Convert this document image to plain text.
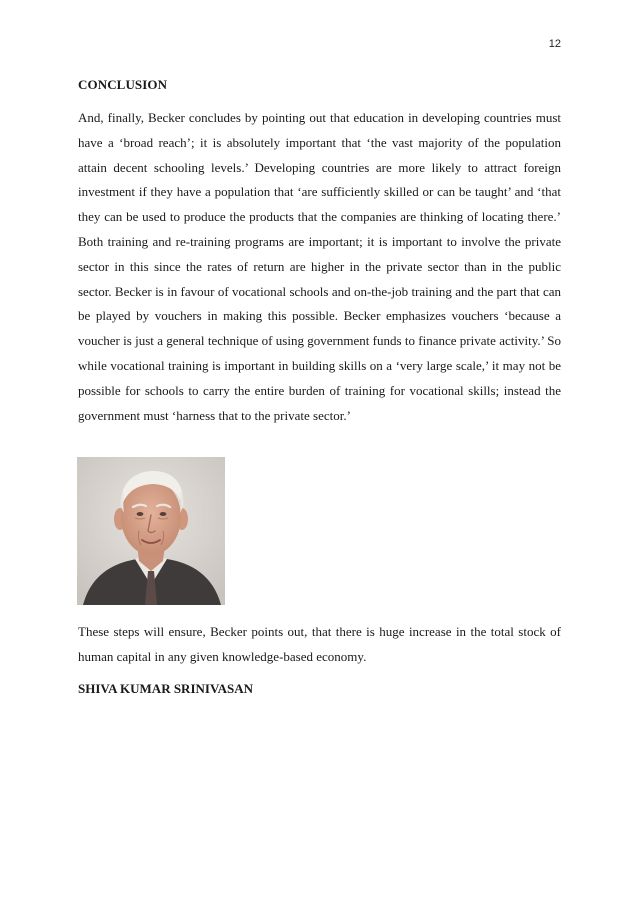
12
CONCLUSION

And, finally, Becker concludes by pointing out that education in developing countries must have a ‘broad reach’; it is absolutely important that ‘the vast majority of the population attain decent schooling levels.’ Developing countries are more likely to attract foreign investment if they have a population that ‘are sufficiently skilled or can be taught’ and ‘that they can be used to produce the products that the companies are thinking of locating there.’ Both training and re-training programs are important; it is important to involve the private sector in this since the rates of return are higher in the private sector than in the public sector. Becker is in favour of vocational schools and on-the-job training and the part that can be played by vouchers in making this possible. Becker emphasizes vouchers ‘because a voucher is just a general technique of using government funds to finance private activity.’ So while vocational training is important in building skills on a ‘very large scale,’ it may not be possible for schools to carry the entire burden of training for vocational skills; instead the government must ‘harness that to the private sector.’

These steps will ensure, Becker points out, that there is huge increase in the total stock of human capital in any given knowledge-based economy.

SHIVA KUMAR SRINIVASAN
